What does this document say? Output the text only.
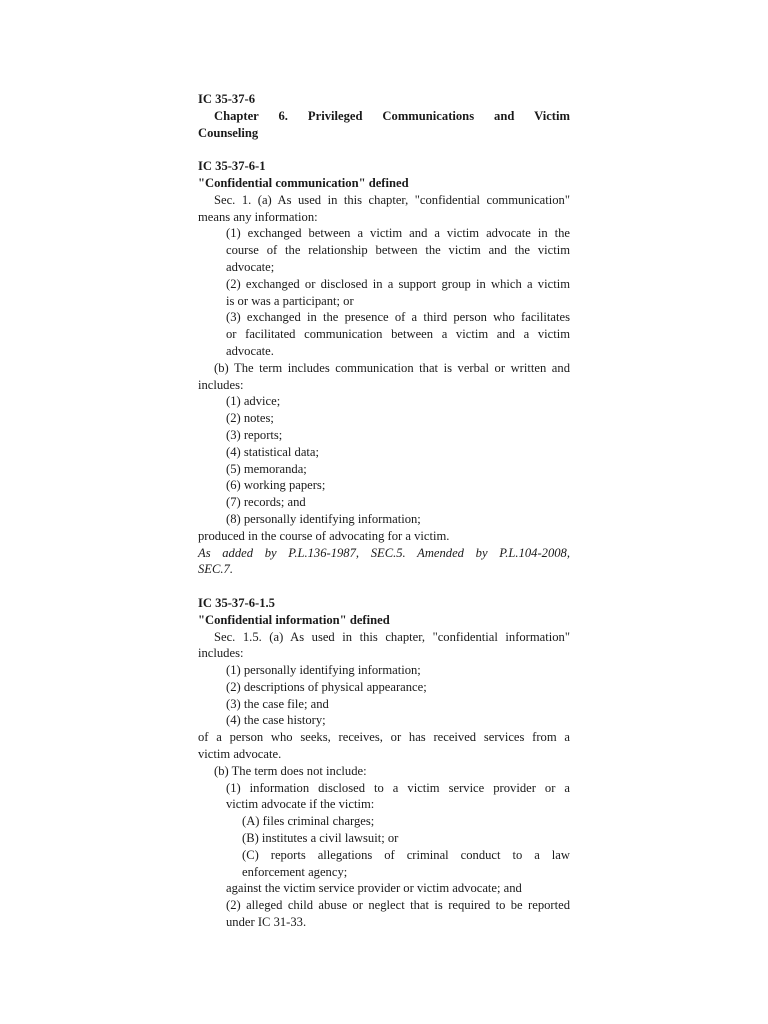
IC 35-37-6
Chapter 6. Privileged Communications and Victim
Counseling
IC 35-37-6-1
"Confidential communication" defined
Sec. 1. (a) As used in this chapter, "confidential communication"
means any information:
(1) exchanged between a victim and a victim advocate in the
course of the relationship between the victim and the victim
advocate;
(2) exchanged or disclosed in a support group in which a victim
is or was a participant; or
(3) exchanged in the presence of a third person who facilitates
or facilitated communication between a victim and a victim
advocate.
(b) The term includes communication that is verbal or written and
includes:
(1) advice;
(2) notes;
(3) reports;
(4) statistical data;
(5) memoranda;
(6) working papers;
(7) records; and
(8) personally identifying information;
produced in the course of advocating for a victim.
As added by P.L.136-1987, SEC.5. Amended by P.L.104-2008,
SEC.7.
IC 35-37-6-1.5
"Confidential information" defined
Sec. 1.5. (a) As used in this chapter, "confidential information"
includes:
(1) personally identifying information;
(2) descriptions of physical appearance;
(3) the case file; and
(4) the case history;
of a person who seeks, receives, or has received services from a
victim advocate.
(b) The term does not include:
(1) information disclosed to a victim service provider or a
victim advocate if the victim:
(A) files criminal charges;
(B) institutes a civil lawsuit; or
(C) reports allegations of criminal conduct to a law
enforcement agency;
against the victim service provider or victim advocate; and
(2) alleged child abuse or neglect that is required to be reported
under IC 31-33.
